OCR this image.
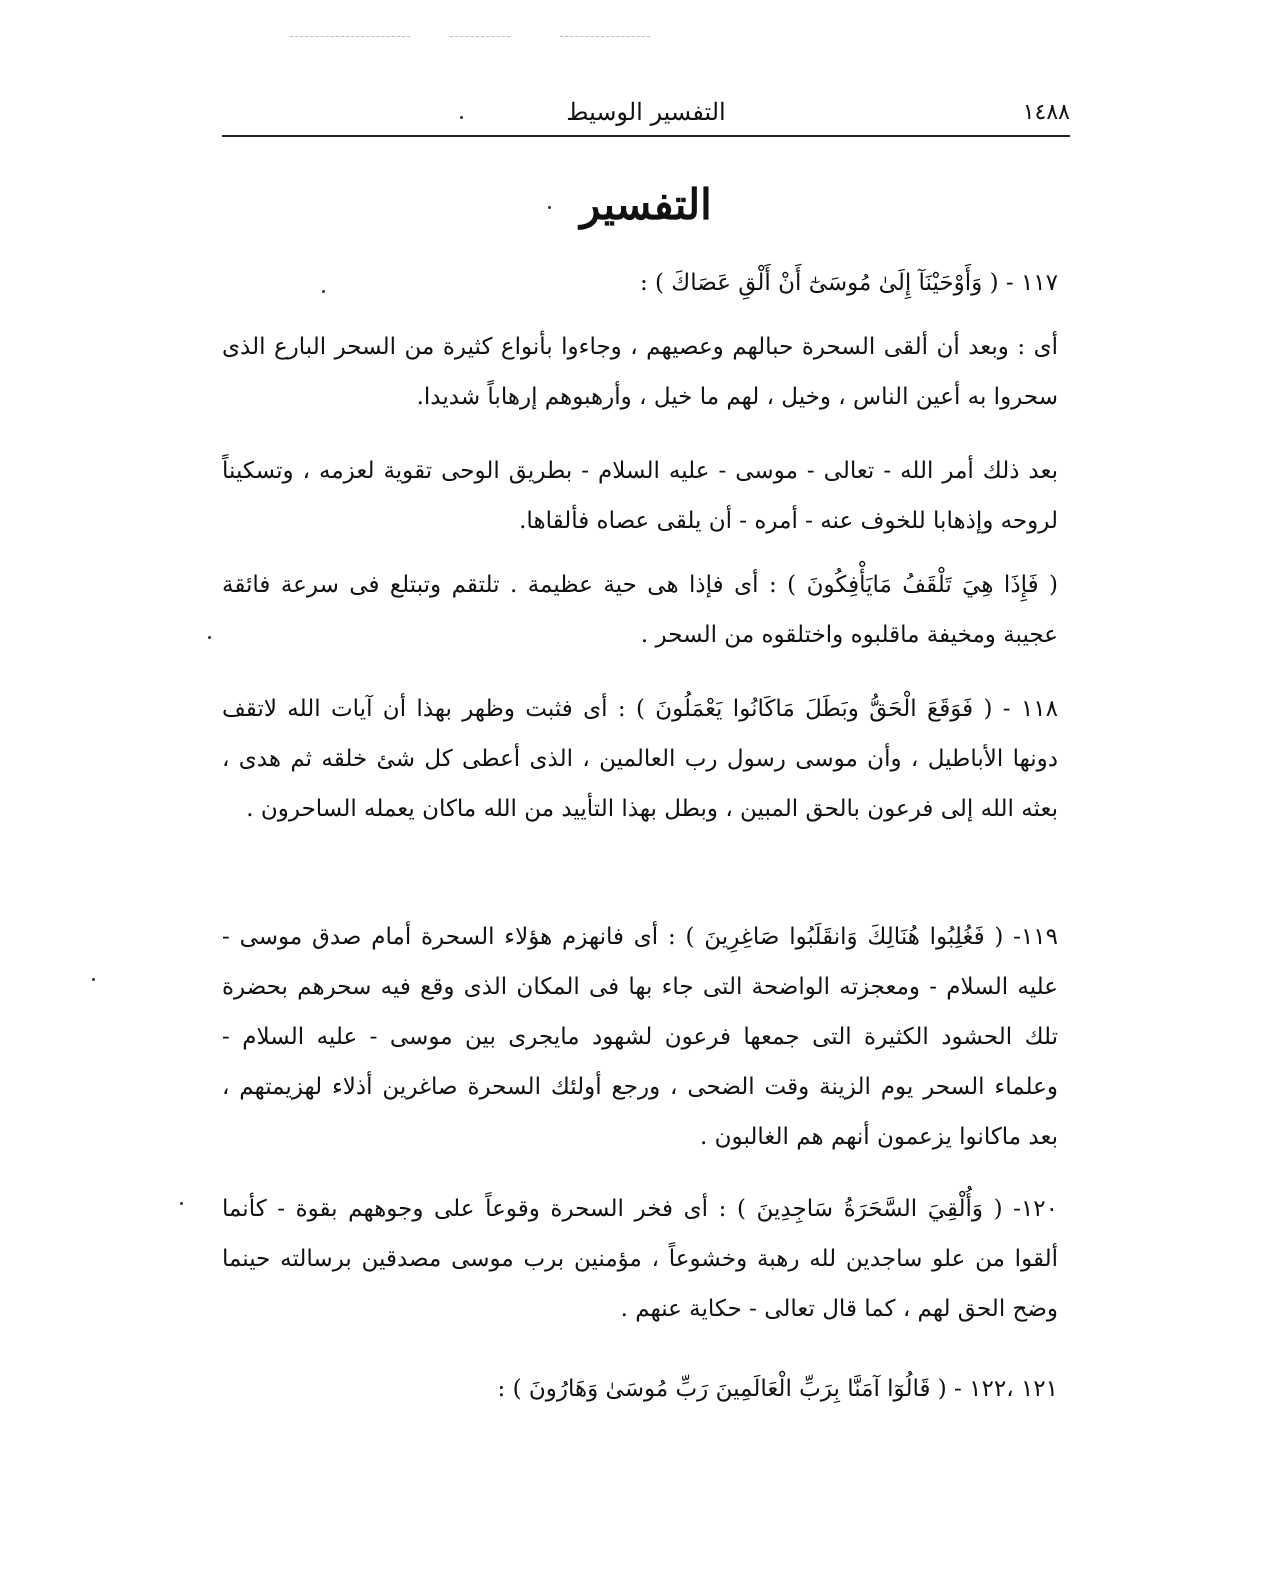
١٤٨٨
التفسير الوسيط
التفسير
١١٧ - ( وَأَوْحَيْنَآ إِلَىٰ مُوسَىٰٓ أَنْ أَلْقِ عَصَاكَ ) :
أى : وبعد أن ألقى السحرة حبالهم وعصيهم ، وجاءوا بأنواع كثيرة من السحر البارع الذى سحروا به أعين الناس ، وخيل ، لهم ما خيل ، وأرهبوهم إرهاباً شديدا.
بعد ذلك أمر الله - تعالى - موسى - عليه السلام - بطريق الوحى تقوية لعزمه ، وتسكيناً لروحه وإذهابا للخوف عنه - أمره - أن يلقى عصاه فألقاها.
( فَإِذَا هِيَ تَلْقَفُ مَايَأْفِكُونَ ) : أى فإذا هى حية عظيمة . تلتقم وتبتلع فى سرعة فائقة عجيبة ومخيفة ماقلبوه واختلقوه من السحر .
١١٨ - ( فَوَقَعَ الْحَقُّ وبَطَلَ مَاكَانُوا يَعْمَلُونَ ) : أى فثبت وظهر بهذا أن آيات الله لاتقف دونها الأباطيل ، وأن موسى رسول رب العالمين ، الذى أعطى كل شئ خلقه ثم هدى ، بعثه الله إلى فرعون بالحق المبين ، وبطل بهذا التأييد من الله ماكان يعمله الساحرون .
١١٩- ( فَغُلِبُوا هُنَالِكَ وَانقَلَبُوا صَاغِرِينَ ) : أى فانهزم هؤلاء السحرة أمام صدق موسى - عليه السلام - ومعجزته الواضحة التى جاء بها فى المكان الذى وقع فيه سحرهم بحضرة تلك الحشود الكثيرة التى جمعها فرعون لشهود مايجرى بين موسى - عليه السلام - وعلماء السحر يوم الزينة وقت الضحى ، ورجع أولئك السحرة صاغرين أذلاء لهزيمتهم ، بعد ماكانوا يزعمون أنهم هم الغالبون .
١٢٠- ( وَأُلْقِيَ السَّحَرَةُ سَاجِدِينَ ) : أى فخر السحرة وقوعاً على وجوههم بقوة - كأنما ألقوا من علو ساجدين لله رهبة وخشوعاً ، مؤمنين برب موسى مصدقين برسالته حينما وضح الحق لهم ، كما قال تعالى - حكاية عنهم .
١٢١ ،١٢٢ - ( قَالُوٓا آمَنَّا بِرَبِّ الْعَالَمِينَ رَبِّ مُوسَىٰ وَهَارُونَ ) :
